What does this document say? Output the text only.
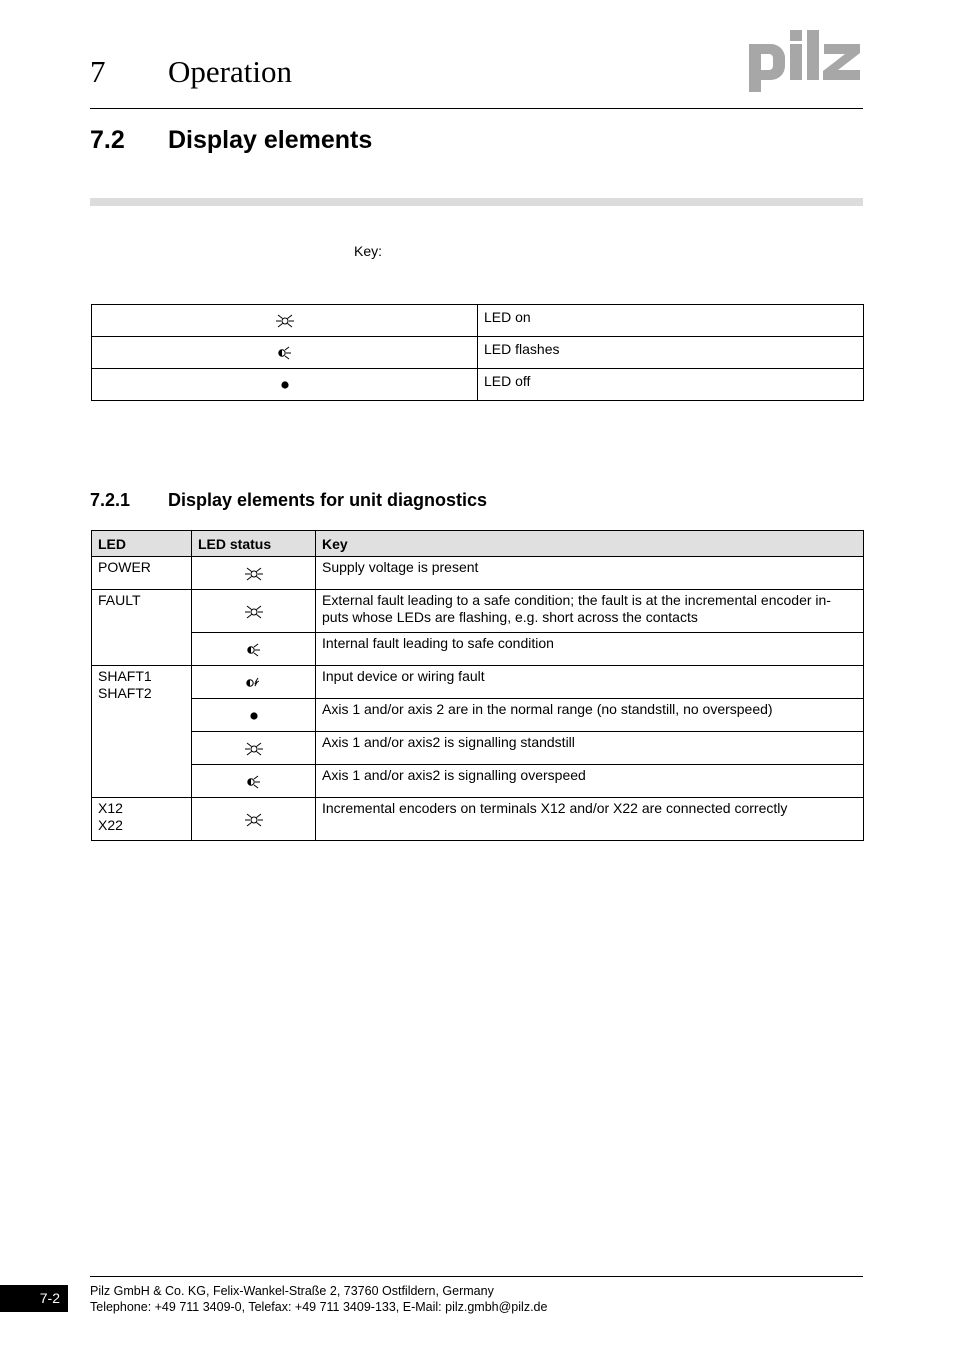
7 Operation
7.2 Display elements
Key:
	LED on
	LED flashes
	LED off
7.2.1 Display elements for unit diagnostics
LED	LED status	Key

POWER		Supply voltage is present

FAULT		External fault leading to a safe condition; the fault is at the incremental encoder in-puts whose LEDs are flashing, e.g. short across the contacts
	Internal fault leading to safe condition

SHAFT1
SHAFT2		Input device or wiring fault
	Axis 1 and/or axis 2 are in the normal range (no standstill, no overspeed)
	Axis 1 and/or axis2 is signalling standstill
	Axis 1 and/or axis2 is signalling overspeed

X12
X22		Incremental encoders on terminals X12 and/or X22 are connected correctly
7-2	Pilz GmbH & Co. KG, Felix-Wankel-Straße 2, 73760 Ostfildern, Germany
Telephone: +49 711 3409-0, Telefax: +49 711 3409-133, E-Mail: pilz.gmbh@pilz.de
